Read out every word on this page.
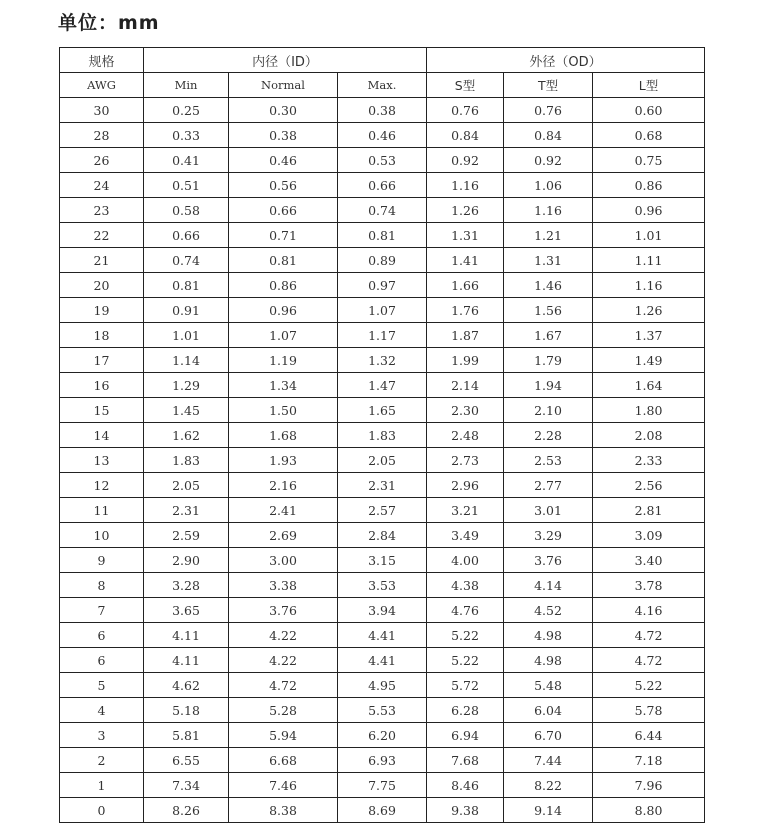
单位：mm
规格	内径（ID）			外径（OD）		
AWG	Min	Normal	Max.	S型	T型	L型
30	0.25	0.30	0.38	0.76	0.76	0.60
28	0.33	0.38	0.46	0.84	0.84	0.68
26	0.41	0.46	0.53	0.92	0.92	0.75
24	0.51	0.56	0.66	1.16	1.06	0.86
23	0.58	0.66	0.74	1.26	1.16	0.96
22	0.66	0.71	0.81	1.31	1.21	1.01
21	0.74	0.81	0.89	1.41	1.31	1.11
20	0.81	0.86	0.97	1.66	1.46	1.16
19	0.91	0.96	1.07	1.76	1.56	1.26
18	1.01	1.07	1.17	1.87	1.67	1.37
17	1.14	1.19	1.32	1.99	1.79	1.49
16	1.29	1.34	1.47	2.14	1.94	1.64
15	1.45	1.50	1.65	2.30	2.10	1.80
14	1.62	1.68	1.83	2.48	2.28	2.08
13	1.83	1.93	2.05	2.73	2.53	2.33
12	2.05	2.16	2.31	2.96	2.77	2.56
11	2.31	2.41	2.57	3.21	3.01	2.81
10	2.59	2.69	2.84	3.49	3.29	3.09
9	2.90	3.00	3.15	4.00	3.76	3.40
8	3.28	3.38	3.53	4.38	4.14	3.78
7	3.65	3.76	3.94	4.76	4.52	4.16
6	4.11	4.22	4.41	5.22	4.98	4.72
6	4.11	4.22	4.41	5.22	4.98	4.72
5	4.62	4.72	4.95	5.72	5.48	5.22
4	5.18	5.28	5.53	6.28	6.04	5.78
3	5.81	5.94	6.20	6.94	6.70	6.44
2	6.55	6.68	6.93	7.68	7.44	7.18
1	7.34	7.46	7.75	8.46	8.22	7.96
0	8.26	8.38	8.69	9.38	9.14	8.80
